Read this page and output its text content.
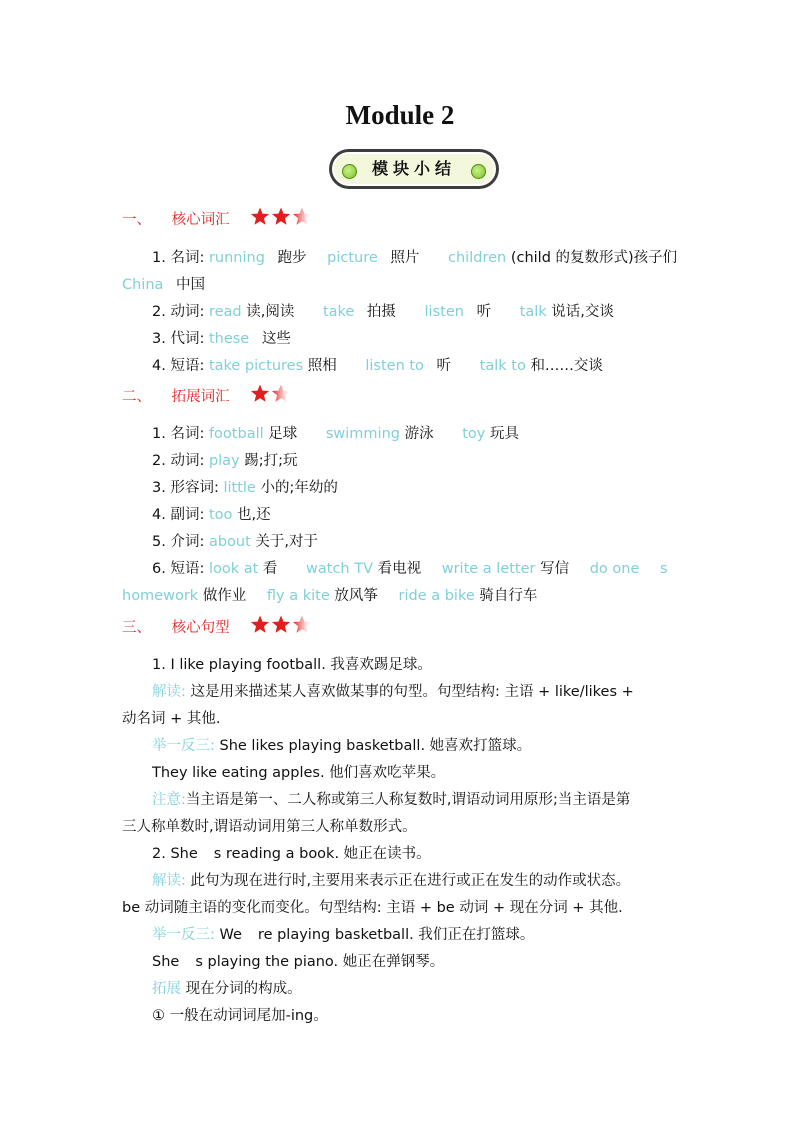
Module 2
模块小结
一、 核心词汇
1. 名词: running 跑步 picture 照片 children (child 的复数形式)孩子们
China 中国
2. 动词: read 读,阅读 take 拍摄 listen 听 talk 说话,交谈
3. 代词: these 这些
4. 短语: take pictures 照相 listen to 听 talk to 和……交谈
二、 拓展词汇
1. 名词: football 足球 swimming 游泳 toy 玩具
2. 动词: play 踢;打;玩
3. 形容词: little 小的;年幼的
4. 副词: too 也,还
5. 介词: about 关于,对于
6. 短语: look at 看 watch TV 看电视 write a letter 写信 do one s
homework 做作业 fly a kite 放风筝 ride a bike 骑自行车
三、 核心句型
1. I like playing football. 我喜欢踢足球。
解读: 这是用来描述某人喜欢做某事的句型。句型结构: 主语 + like/likes +
动名词 + 其他.
举一反三: She likes playing basketball. 她喜欢打篮球。
They like eating apples. 他们喜欢吃苹果。
注意:当主语是第一、二人称或第三人称复数时,谓语动词用原形;当主语是第
三人称单数时,谓语动词用第三人称单数形式。
2. She s reading a book. 她正在读书。
解读: 此句为现在进行时,主要用来表示正在进行或正在发生的动作或状态。
be 动词随主语的变化而变化。句型结构: 主语 + be 动词 + 现在分词 + 其他.
举一反三: We re playing basketball. 我们正在打篮球。
She s playing the piano. 她正在弹钢琴。
拓展 现在分词的构成。
① 一般在动词词尾加-ing。
